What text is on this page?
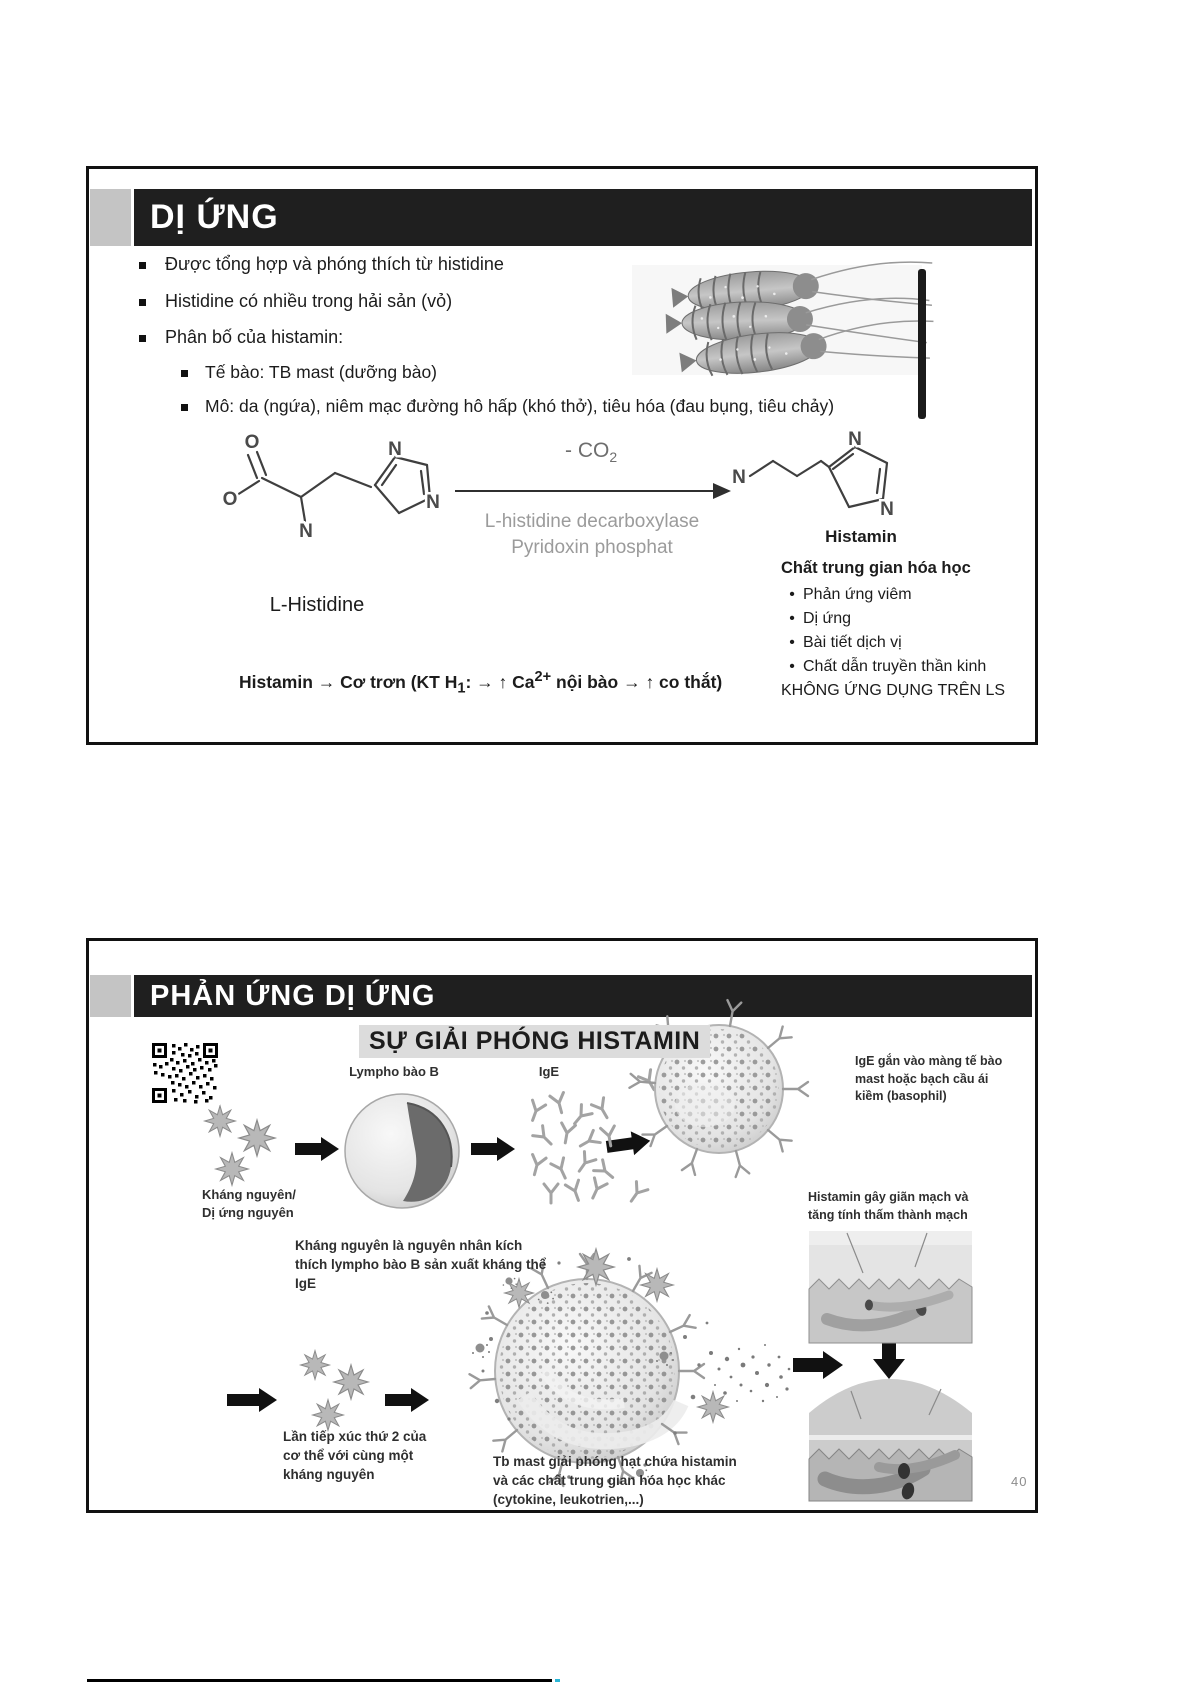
DỊ ỨNG
Được tổng hợp và phóng thích từ histidine
Histidine có nhiều trong hải sản (vỏ)
Phân bố của histamin:
Tế bào: TB mast (dưỡng bào)
Mô: da (ngứa), niêm mạc đường hô hấp (khó thở), tiêu hóa (đau bụng, tiêu chảy)
O
O
N
N
N
- $CO_2$
L-histidine decarboxylase
Pyridoxin phosphat
N
N
N
L-Histidine
Histamin
Chất trung gian hóa học
• Phản ứng viêm
• Dị ứng
• Bài tiết dịch vị
• Chất dẫn truyền thần kinh
KHÔNG ỨNG DỤNG TRÊN LS
Histamin → Cơ trơn (KT $H_1$: → ↑ $Ca^{2+}$ nội bào → ↑ co thắt)
PHẢN ỨNG DỊ ỨNG
SỰ GIẢI PHÓNG HISTAMIN
Lympho bào B	IgE
IgE gắn vào màng tế bào mast hoặc bạch cầu ái kiềm (basophil)
Kháng nguyên/
Dị ứng nguyên
Kháng nguyên là nguyên nhân kích thích lympho bào B sản xuất kháng thể IgE
Histamin gây giãn mạch và tăng tính thấm thành mạch
Lần tiếp xúc thứ 2 của cơ thể với cùng một kháng nguyên
Tb mast giải phóng hạt chứa histamin và các chất trung gian hóa học khác (cytokine, leukotrien,...)
40
